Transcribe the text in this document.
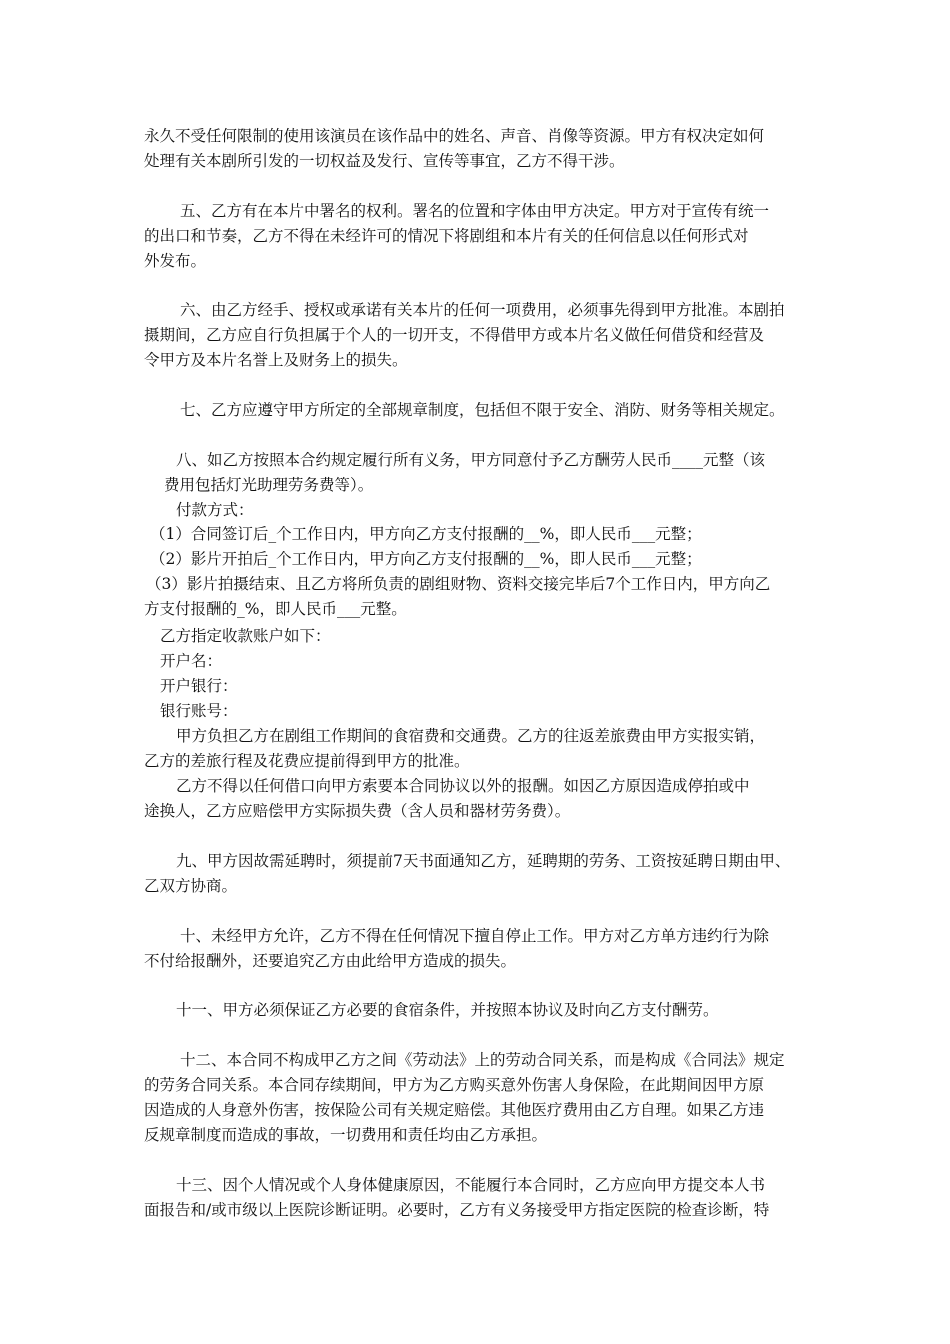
永久不受任何限制的使用该演员在该作品中的姓名、声音、肖像等资源。甲方有权决定如何
处理有关本剧所引发的一切权益及发行、宣传等事宜，乙方不得干涉。
五、乙方有在本片中署名的权利。署名的位置和字体由甲方决定。甲方对于宣传有统一
的出口和节奏，乙方不得在未经许可的情况下将剧组和本片有关的任何信息以任何形式对
外发布。
六、由乙方经手、授权或承诺有关本片的任何一项费用，必须事先得到甲方批准。本剧拍
摄期间，乙方应自行负担属于个人的一切开支，不得借甲方或本片名义做任何借贷和经营及
令甲方及本片名誉上及财务上的损失。
七、乙方应遵守甲方所定的全部规章制度，包括但不限于安全、消防、财务等相关规定。
八、如乙方按照本合约规定履行所有义务，甲方同意付予乙方酬劳人民币____元整（该
费用包括灯光助理劳务费等）。
付款方式：
（1）合同签订后_个工作日内，甲方向乙方支付报酬的__%，即人民币___元整；
（2）影片开拍后_个工作日内，甲方向乙方支付报酬的__%，即人民币___元整；
（3）影片拍摄结束、且乙方将所负责的剧组财物、资料交接完毕后7个工作日内，甲方向乙
方支付报酬的_%，即人民币___元整。
乙方指定收款账户如下：
开户名：
开户银行：
银行账号：
甲方负担乙方在剧组工作期间的食宿费和交通费。乙方的往返差旅费由甲方实报实销，
乙方的差旅行程及花费应提前得到甲方的批准。
乙方不得以任何借口向甲方索要本合同协议以外的报酬。如因乙方原因造成停拍或中
途换人，乙方应赔偿甲方实际损失费（含人员和器材劳务费）。
九、甲方因故需延聘时，须提前7天书面通知乙方，延聘期的劳务、工资按延聘日期由甲、
乙双方协商。
十、未经甲方允许，乙方不得在任何情况下擅自停止工作。甲方对乙方单方违约行为除
不付给报酬外，还要追究乙方由此给甲方造成的损失。
十一、甲方必须保证乙方必要的食宿条件，并按照本协议及时向乙方支付酬劳。
十二、本合同不构成甲乙方之间《劳动法》上的劳动合同关系，而是构成《合同法》规定
的劳务合同关系。本合同存续期间，甲方为乙方购买意外伤害人身保险，在此期间因甲方原
因造成的人身意外伤害，按保险公司有关规定赔偿。其他医疗费用由乙方自理。如果乙方违
反规章制度而造成的事故，一切费用和责任均由乙方承担。
十三、因个人情况或个人身体健康原因，不能履行本合同时，乙方应向甲方提交本人书
面报告和/或市级以上医院诊断证明。必要时，乙方有义务接受甲方指定医院的检查诊断，特
